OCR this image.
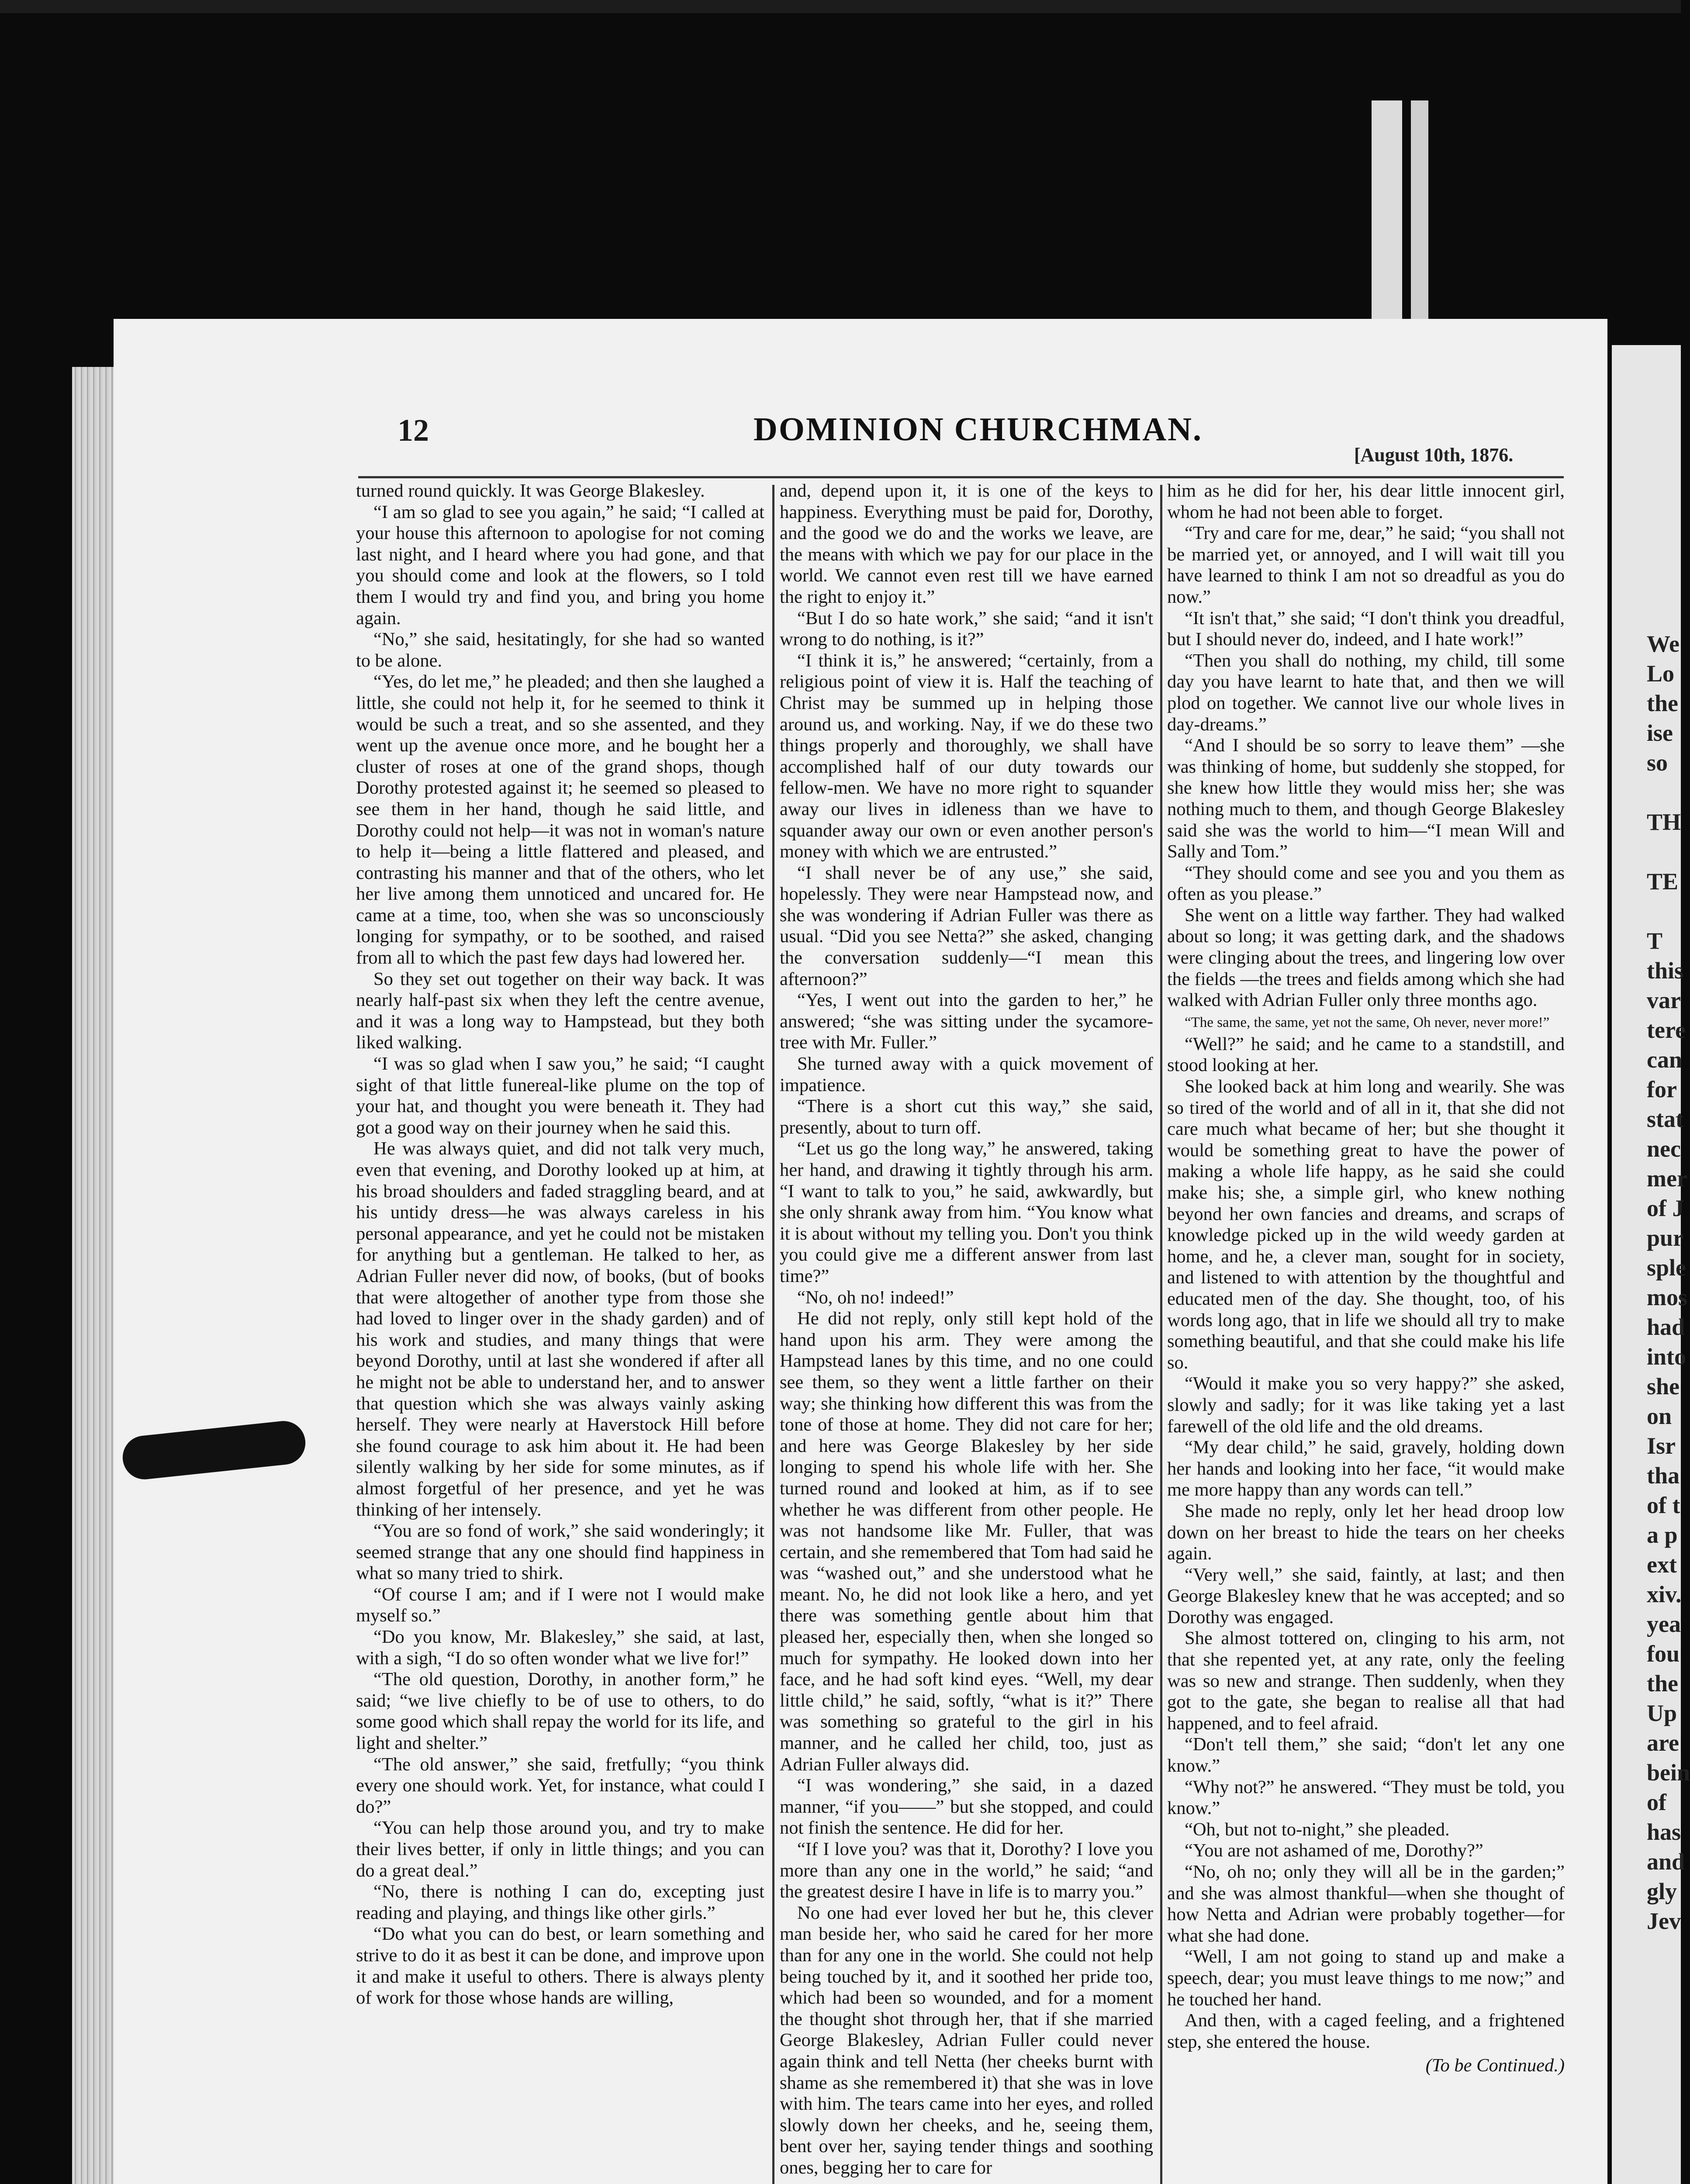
We
Lo
the
ise
so

TH

TE

T
this
var
tere
can
for
stat
nec
mer
of J
pur
sple
mos
had
into
she
on
Isr
tha
of t
a p
ext
xiv.
yea
fou
the
Up
are
bein
of
has
and
gly
Jev
12	DOMINION CHURCHMAN.
[August 10th, 1876.

turned round quickly. It was George Blakesley.

“I am so glad to see you again,” he said; “I called at your house this afternoon to apologise for not coming last night, and I heard where you had gone, and that you should come and look at the flowers, so I told them I would try and find you, and bring you home again.

“No,” she said, hesitatingly, for she had so wanted to be alone.

“Yes, do let me,” he pleaded; and then she laughed a little, she could not help it, for he seemed to think it would be such a treat, and so she assented, and they went up the avenue once more, and he bought her a cluster of roses at one of the grand shops, though Dorothy protested against it; he seemed so pleased to see them in her hand, though he said little, and Dorothy could not help—it was not in woman's nature to help it—being a little flattered and pleased, and contrasting his manner and that of the others, who let her live among them unnoticed and uncared for. He came at a time, too, when she was so unconsciously longing for sympathy, or to be soothed, and raised from all to which the past few days had lowered her.

So they set out together on their way back. It was nearly half-past six when they left the centre avenue, and it was a long way to Hampstead, but they both liked walking.

“I was so glad when I saw you,” he said; “I caught sight of that little funereal-like plume on the top of your hat, and thought you were beneath it. They had got a good way on their journey when he said this.

He was always quiet, and did not talk very much, even that evening, and Dorothy looked up at him, at his broad shoulders and faded straggling beard, and at his untidy dress—he was always careless in his personal appearance, and yet he could not be mistaken for anything but a gentleman. He talked to her, as Adrian Fuller never did now, of books, (but of books that were altogether of another type from those she had loved to linger over in the shady garden) and of his work and studies, and many things that were beyond Dorothy, until at last she wondered if after all he might not be able to understand her, and to answer that question which she was always vainly asking herself. They were nearly at Haverstock Hill before she found courage to ask him about it. He had been silently walking by her side for some minutes, as if almost forgetful of her presence, and yet he was thinking of her intensely.

“You are so fond of work,” she said wonderingly; it seemed strange that any one should find happiness in what so many tried to shirk.

“Of course I am; and if I were not I would make myself so.”

“Do you know, Mr. Blakesley,” she said, at last, with a sigh, “I do so often wonder what we live for!”

“The old question, Dorothy, in another form,” he said; “we live chiefly to be of use to others, to do some good which shall repay the world for its life, and light and shelter.”

“The old answer,” she said, fretfully; “you think every one should work. Yet, for instance, what could I do?”

“You can help those around you, and try to make their lives better, if only in little things; and you can do a great deal.”

“No, there is nothing I can do, excepting just reading and playing, and things like other girls.”

“Do what you can do best, or learn something and strive to do it as best it can be done, and improve upon it and make it useful to others. There is always plenty of work for those whose hands are willing,

and, depend upon it, it is one of the keys to happiness. Everything must be paid for, Dorothy, and the good we do and the works we leave, are the means with which we pay for our place in the world. We cannot even rest till we have earned the right to enjoy it.”

“But I do so hate work,” she said; “and it isn't wrong to do nothing, is it?”

“I think it is,” he answered; “certainly, from a religious point of view it is. Half the teaching of Christ may be summed up in helping those around us, and working. Nay, if we do these two things properly and thoroughly, we shall have accomplished half of our duty towards our fellow-men. We have no more right to squander away our lives in idleness than we have to squander away our own or even another person's money with which we are entrusted.”

“I shall never be of any use,” she said, hopelessly. They were near Hampstead now, and she was wondering if Adrian Fuller was there as usual. “Did you see Netta?” she asked, changing the conversation suddenly—“I mean this afternoon?”

“Yes, I went out into the garden to her,” he answered; “she was sitting under the sycamore-tree with Mr. Fuller.”

She turned away with a quick movement of impatience.

“There is a short cut this way,” she said, presently, about to turn off.

“Let us go the long way,” he answered, taking her hand, and drawing it tightly through his arm. “I want to talk to you,” he said, awkwardly, but she only shrank away from him. “You know what it is about without my telling you. Don't you think you could give me a different answer from last time?”

“No, oh no! indeed!”

He did not reply, only still kept hold of the hand upon his arm. They were among the Hampstead lanes by this time, and no one could see them, so they went a little farther on their way; she thinking how different this was from the tone of those at home. They did not care for her; and here was George Blakesley by her side longing to spend his whole life with her. She turned round and looked at him, as if to see whether he was different from other people. He was not handsome like Mr. Fuller, that was certain, and she remembered that Tom had said he was “washed out,” and she understood what he meant. No, he did not look like a hero, and yet there was something gentle about him that pleased her, especially then, when she longed so much for sympathy. He looked down into her face, and he had soft kind eyes. “Well, my dear little child,” he said, softly, “what is it?” There was something so grateful to the girl in his manner, and he called her child, too, just as Adrian Fuller always did.

“I was wondering,” she said, in a dazed manner, “if you——” but she stopped, and could not finish the sentence. He did for her.

“If I love you? was that it, Dorothy? I love you more than any one in the world,” he said; “and the greatest desire I have in life is to marry you.”

No one had ever loved her but he, this clever man beside her, who said he cared for her more than for any one in the world. She could not help being touched by it, and it soothed her pride too, which had been so wounded, and for a moment the thought shot through her, that if she married George Blakesley, Adrian Fuller could never again think and tell Netta (her cheeks burnt with shame as she remembered it) that she was in love with him. The tears came into her eyes, and rolled slowly down her cheeks, and he, seeing them, bent over her, saying tender things and soothing ones, begging her to care for

him as he did for her, his dear little innocent girl, whom he had not been able to forget.

“Try and care for me, dear,” he said; “you shall not be married yet, or annoyed, and I will wait till you have learned to think I am not so dreadful as you do now.”

“It isn't that,” she said; “I don't think you dreadful, but I should never do, indeed, and I hate work!”

“Then you shall do nothing, my child, till some day you have learnt to hate that, and then we will plod on together. We cannot live our whole lives in day-dreams.”

“And I should be so sorry to leave them” —she was thinking of home, but suddenly she stopped, for she knew how little they would miss her; she was nothing much to them, and though George Blakesley said she was the world to him—“I mean Will and Sally and Tom.”

“They should come and see you and you them as often as you please.”

She went on a little way farther. They had walked about so long; it was getting dark, and the shadows were clinging about the trees, and lingering low over the fields —the trees and fields among which she had walked with Adrian Fuller only three months ago.

“The same, the same, yet not the same, Oh never, never more!”

“Well?” he said; and he came to a standstill, and stood looking at her.

She looked back at him long and wearily. She was so tired of the world and of all in it, that she did not care much what became of her; but she thought it would be something great to have the power of making a whole life happy, as he said she could make his; she, a simple girl, who knew nothing beyond her own fancies and dreams, and scraps of knowledge picked up in the wild weedy garden at home, and he, a clever man, sought for in society, and listened to with attention by the thoughtful and educated men of the day. She thought, too, of his words long ago, that in life we should all try to make something beautiful, and that she could make his life so.

“Would it make you so very happy?” she asked, slowly and sadly; for it was like taking yet a last farewell of the old life and the old dreams.

“My dear child,” he said, gravely, holding down her hands and looking into her face, “it would make me more happy than any words can tell.”

She made no reply, only let her head droop low down on her breast to hide the tears on her cheeks again.

“Very well,” she said, faintly, at last; and then George Blakesley knew that he was accepted; and so Dorothy was engaged.

She almost tottered on, clinging to his arm, not that she repented yet, at any rate, only the feeling was so new and strange. Then suddenly, when they got to the gate, she began to realise all that had happened, and to feel afraid.

“Don't tell them,” she said; “don't let any one know.”

“Why not?” he answered. “They must be told, you know.”

“Oh, but not to-night,” she pleaded.

“You are not ashamed of me, Dorothy?”

“No, oh no; only they will all be in the garden;” and she was almost thankful—when she thought of how Netta and Adrian were probably together—for what she had done.

“Well, I am not going to stand up and make a speech, dear; you must leave things to me now;” and he touched her hand.

And then, with a caged feeling, and a frightened step, she entered the house.

(To be Continued.)
